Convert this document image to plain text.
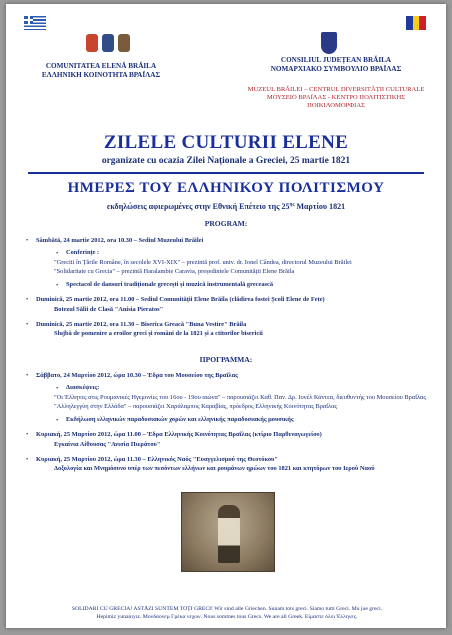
COMUNITATEA ELENĂ BRĂILA
ΕΛΛΗΝΙΚΗ ΚΟΙΝΟΤΗΤΑ ΒΡΑΪΛΑΣ
CONSILIUL JUDEȚEAN BRĂILA
ΝΟΜΑΡΧΙΑΚΟ ΣΥΜΒΟΥΛΙΟ ΒΡΑΪΛΑΣ
MUZEUL BRĂILEI – CENTRUL DIVERSITĂȚII CULTURALE
ΜΟΥΣΕΙΟ ΒΡΑΪΛΑΣ - ΚΕΝΤΡΟ ΠΟΛΙΤΙΣΤΙΚΗΣ ΠΟΙΚΙΛΟΜΟΡΦΙΑΣ
ZILELE CULTURII ELENE
organizate cu ocazia Zilei Naționale a Greciei, 25 martie 1821
ΗΜΕΡΕΣ ΤΟΥ ΕΛΛΗΝΙΚΟΥ ΠΟΛΙΤΙΣΜΟΥ
εκδηλώσεις αφιερωμένες στην Εθνική Επέτειο της $25^{\eta\varsigma}$ Μαρτίου 1821
PROGRAM:
• Sâmbătă, 24 martie 2012, ora 10.30 – Sediul Muzeului Brăilei
• Conferințe :
"Greciii în Țările Române, în secolele XVI-XIX" – prezintă prof. univ. dr. Ionel Cândea, directorul Muzeului Brăilei
"Solidaritate cu Grecia" – prezintă Haralambie Caravia, președintele Comunității Elene Brăila
• Spectacol de dansuri tradiționale grecești și muzică instrumentală grecească
• Duminică, 25 martie 2012, ora 11.00 – Sediul Comunității Elene Brăila (clădirea fostei Școli Elene de Fete)
Botezul Sălii de Clasă "Anisia Pieratos"
• Duminică, 25 martie 2012, ora 11.30 – Biserica Greacă "Buna Vestire" Brăila
Slujbă de pomenire a eroilor greci și români de la 1821 și a ctitorilor bisericii
ΠΡΟΓΡΑΜΜΑ:
• Σάββατο, 24 Μαρτίου 2012, ώρα 10.30 – Έδρα του Μουσείου της Βραΐλας
• Διασκέψεις:
"Οι Έλληνες στις Ρουμανικές Ηγεμονίες του 16ου - 19ου αιώνα" – παρουσιάζει Καθ. Παν. Δρ. Ιονέλ Κάντεα, διευθυντής του Μουσείου Βραΐλας
"Αλληλεγγύη στην Ελλάδα" – παρουσιάζει Χαράλαμπος Καραβίας, πρόεδρος Ελληνικής Κοινότητας Βραΐλας
• Εκδήλωση ελληνικών παραδοσιακών χορών και ελληνικής παραδοσιακής μουσικής
• Κυριακή, 25 Μαρτίου 2012, ώρα 11.00 – Έδρα Ελληνικής Κοινότητας Βραΐλας (κτίριο Παρθεναγωγείου)
Εγκαίνια Αίθουσας "Ανισία Πιεράτου"
• Κυριακή, 25 Μαρτίου 2012, ώρα 11.30 – Ελληνικός Ναός "Ευαγγελισμού της Θεοτόκου"
Δοξολογία και Μνημόσυνο υπέρ των πεσόντων ελλήνων και ρουμάνων ηρώων του 1821 και κτητόρων του Ιερού Ναού
SOLIDARI CU GRECIA! ASTĂZI SUNTEM TOȚI GRECI! Wir sind alle Griechen. Sunam tots greci. Siamo tutti Greci. Mu jue greci.
Hepimiz yunanıyız. Μονδαονεμ Γρέκα νεχων. Nous sommes tous Grecs. We are all Greek. Είμαστε όλοι Έλληνες.
